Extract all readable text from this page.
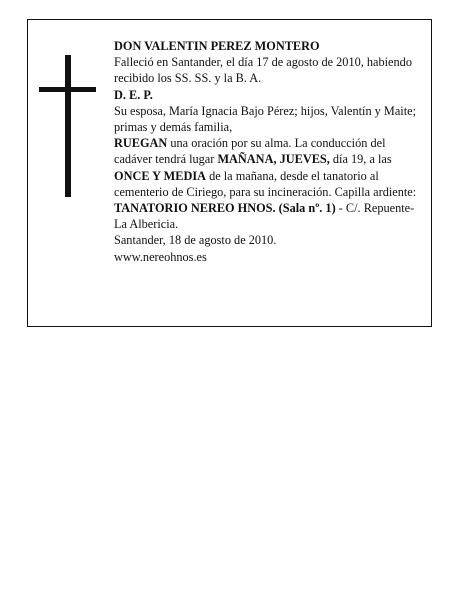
DON VALENTIN PEREZ MONTERO

Falleció en Santander, el día 17 de agosto de 2010, habiendo recibido los SS. SS. y la B. A.

D. E. P.

Su esposa, María Ignacia Bajo Pérez; hijos, Valentín y Maite; primas y demás familia,

RUEGAN una oración por su alma. La conducción del cadáver tendrá lugar MAÑANA, JUEVES, día 19, a las ONCE Y MEDIA de la mañana, desde el tanatorio al cementerio de Ciriego, para su incineración. Capilla ardiente: TANATORIO NEREO HNOS. (Sala nº. 1) - C/. Repuente-La Albericia.

Santander, 18 de agosto de 2010.

www.nereohnos.es
